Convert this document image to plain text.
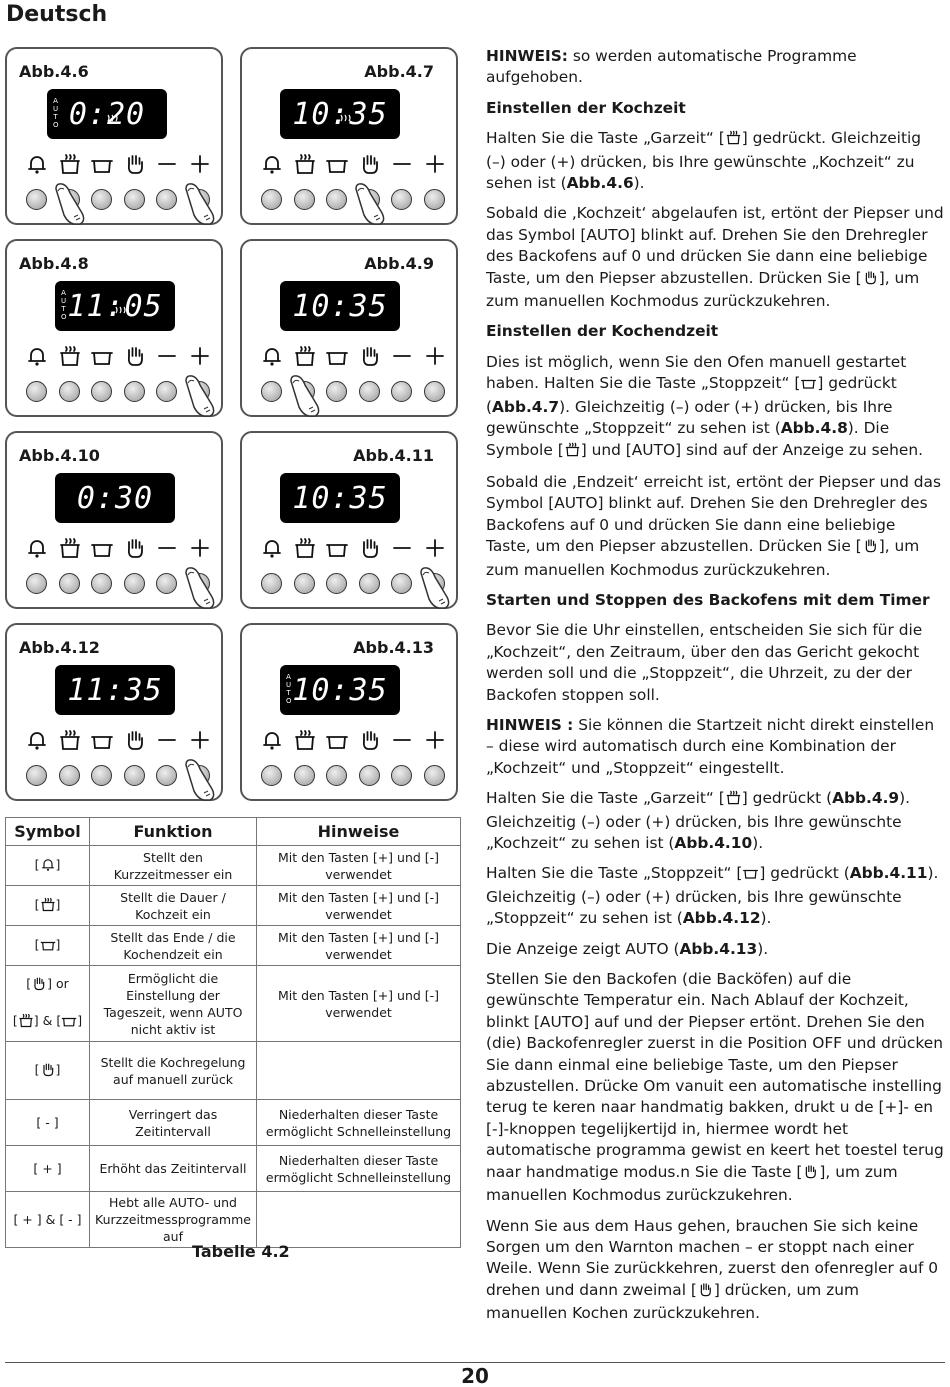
Deutsch
Abb.4.6
A
U
T
O 0:20
Abb.4.7
10:35
Abb.4.8
A
U
T
O 11:05
Abb.4.9
10:35
Abb.4.10
0:30
Abb.4.11
10:35
Abb.4.12
11:35
Abb.4.13
A
U
T
O 10:35
Symbol	Funktion	Hinweise
[ ]	Stellt den Kurzzeitmesser ein	Mit den Tasten [+] und [-] verwendet
[ ]	Stellt die Dauer / Kochzeit ein	Mit den Tasten [+] und [-] verwendet
[ ]	Stellt das Ende / die Kochendzeit ein	Mit den Tasten [+] und [-] verwendet
[ ] or

[ ] & [ ]	Ermöglicht die Einstellung der Tageszeit, wenn AUTO nicht aktiv ist	Mit den Tasten [+] und [-] verwendet
[ ]	Stellt die Kochregelung auf manuell zurück	
[ - ]	Verringert das Zeitintervall	Niederhalten dieser Taste ermöglicht Schnelleinstellung
[ + ]	Erhöht das Zeitintervall	Niederhalten dieser Taste ermöglicht Schnelleinstellung
[ + ] & [ - ]	Hebt alle AUTO- und Kurzzeitmessprogramme auf	
Tabelle 4.2

HINWEIS: so werden automatische Programme aufgehoben.

Einstellen der Kochzeit

Halten Sie die Taste „Garzeit“ [ ] gedrückt. Gleichzeitig (–) oder (+) drücken, bis Ihre gewünschte „Kochzeit“ zu sehen ist (Abb.4.6).

Sobald die ‚Kochzeit‘ abgelaufen ist, ertönt der Piepser und das Symbol [AUTO] blinkt auf. Drehen Sie den Drehregler des Backofens auf 0 und drücken Sie dann eine beliebige Taste, um den Piepser abzustellen. Drücken Sie [ ], um zum manuellen Kochmodus zurückzukehren.

Einstellen der Kochendzeit

Dies ist möglich, wenn Sie den Ofen manuell gestartet haben. Halten Sie die Taste „Stoppzeit“ [ ] gedrückt (Abb.4.7). Gleichzeitig (–) oder (+) drücken, bis Ihre gewünschte „Stoppzeit“ zu sehen ist (Abb.4.8). Die Symbole [ ] und [AUTO] sind auf der Anzeige zu sehen.

Sobald die ‚Endzeit‘ erreicht ist, ertönt der Piepser und das Symbol [AUTO] blinkt auf. Drehen Sie den Drehregler des Backofens auf 0 und drücken Sie dann eine beliebige Taste, um den Piepser abzustellen. Drücken Sie [ ], um zum manuellen Kochmodus zurückzukehren.

Starten und Stoppen des Backofens mit dem Timer

Bevor Sie die Uhr einstellen, entscheiden Sie sich für die „Kochzeit“, den Zeitraum, über den das Gericht gekocht werden soll und die „Stoppzeit“, die Uhrzeit, zu der der Backofen stoppen soll.

HINWEIS : Sie können die Startzeit nicht direkt einstellen – diese wird automatisch durch eine Kombination der „Kochzeit“ und „Stoppzeit“ eingestellt.

Halten Sie die Taste „Garzeit“ [ ] gedrückt (Abb.4.9). Gleichzeitig (–) oder (+) drücken, bis Ihre gewünschte „Kochzeit“ zu sehen ist (Abb.4.10).

Halten Sie die Taste „Stoppzeit“ [ ] gedrückt (Abb.4.11). Gleichzeitig (–) oder (+) drücken, bis Ihre gewünschte „Stoppzeit“ zu sehen ist (Abb.4.12).

Die Anzeige zeigt AUTO (Abb.4.13).

Stellen Sie den Backofen (die Backöfen) auf die gewünschte Temperatur ein. Nach Ablauf der Kochzeit, blinkt [AUTO] auf und der Piepser ertönt. Drehen Sie den (die) Backofenregler zuerst in die Position OFF und drücken Sie dann einmal eine beliebige Taste, um den Piepser abzustellen. Drücke Om vanuit een automatische instelling terug te keren naar handmatig bakken, drukt u de [+]- en [-]-knoppen tegelijkertijd in, hiermee wordt het automatische programma gewist en keert het toestel terug naar handmatige modus.n Sie die Taste [ ], um zum manuellen Kochmodus zurückzukehren.

Wenn Sie aus dem Haus gehen, brauchen Sie sich keine Sorgen um den Warnton machen – er stoppt nach einer Weile. Wenn Sie zurückkehren, zuerst den ofenregler auf 0 drehen und dann zweimal [ ] drücken, um zum manuellen Kochen zurückzukehren.

20
